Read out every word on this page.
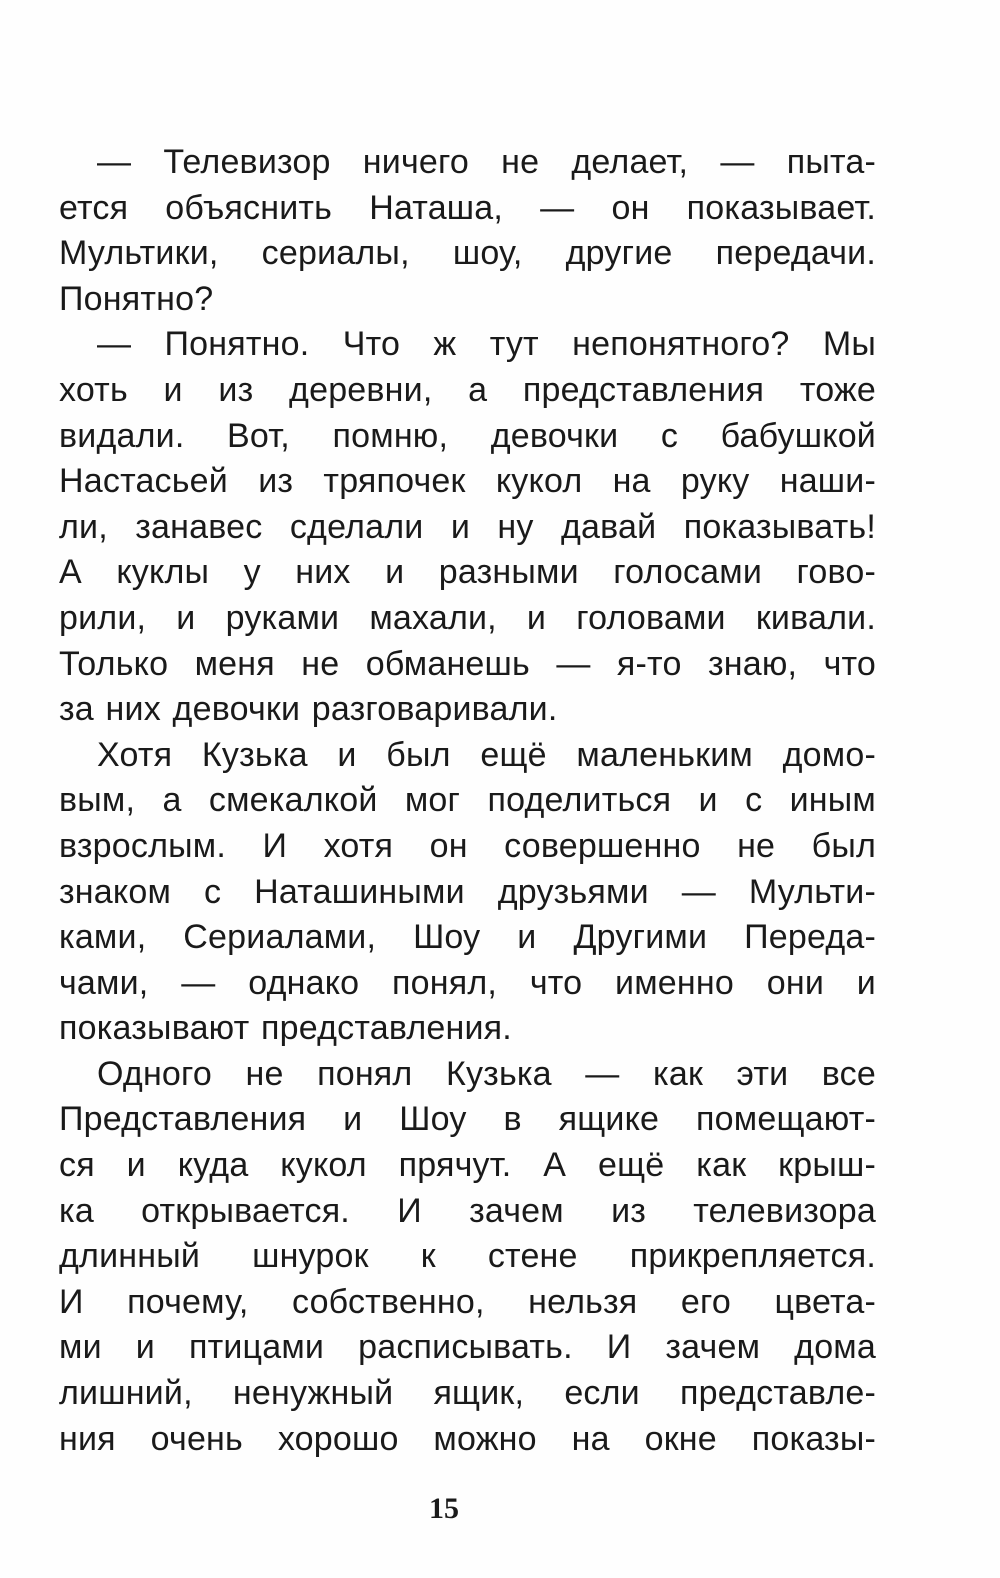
— Телевизор ничего не делает, — пыта-
ется объяснить Наташа, — он показывает.
Мультики, сериалы, шоу, другие передачи.
Понятно?
— Понятно. Что ж тут непонятного? Мы
хоть и из деревни, а представления тоже
видали. Вот, помню, девочки с бабушкой
Настасьей из тряпочек кукол на руку наши-
ли, занавес сделали и ну давай показывать!
А куклы у них и разными голосами гово-
рили, и руками махали, и головами кивали.
Только меня не обманешь — я-то знаю, что
за них девочки разговаривали.
Хотя Кузька и был ещё маленьким домо-
вым, а смекалкой мог поделиться и с иным
взрослым. И хотя он совершенно не был
знаком с Наташиными друзьями — Мульти-
ками, Сериалами, Шоу и Другими Переда-
чами, — однако понял, что именно они и
показывают представления.
Одного не понял Кузька — как эти все
Представления и Шоу в ящике помещают-
ся и куда кукол прячут. А ещё как крыш-
ка открывается. И зачем из телевизора
длинный шнурок к стене прикрепляется.
И почему, собственно, нельзя его цвета-
ми и птицами расписывать. И зачем дома
лишний, ненужный ящик, если представле-
ния очень хорошо можно на окне показы-
15
